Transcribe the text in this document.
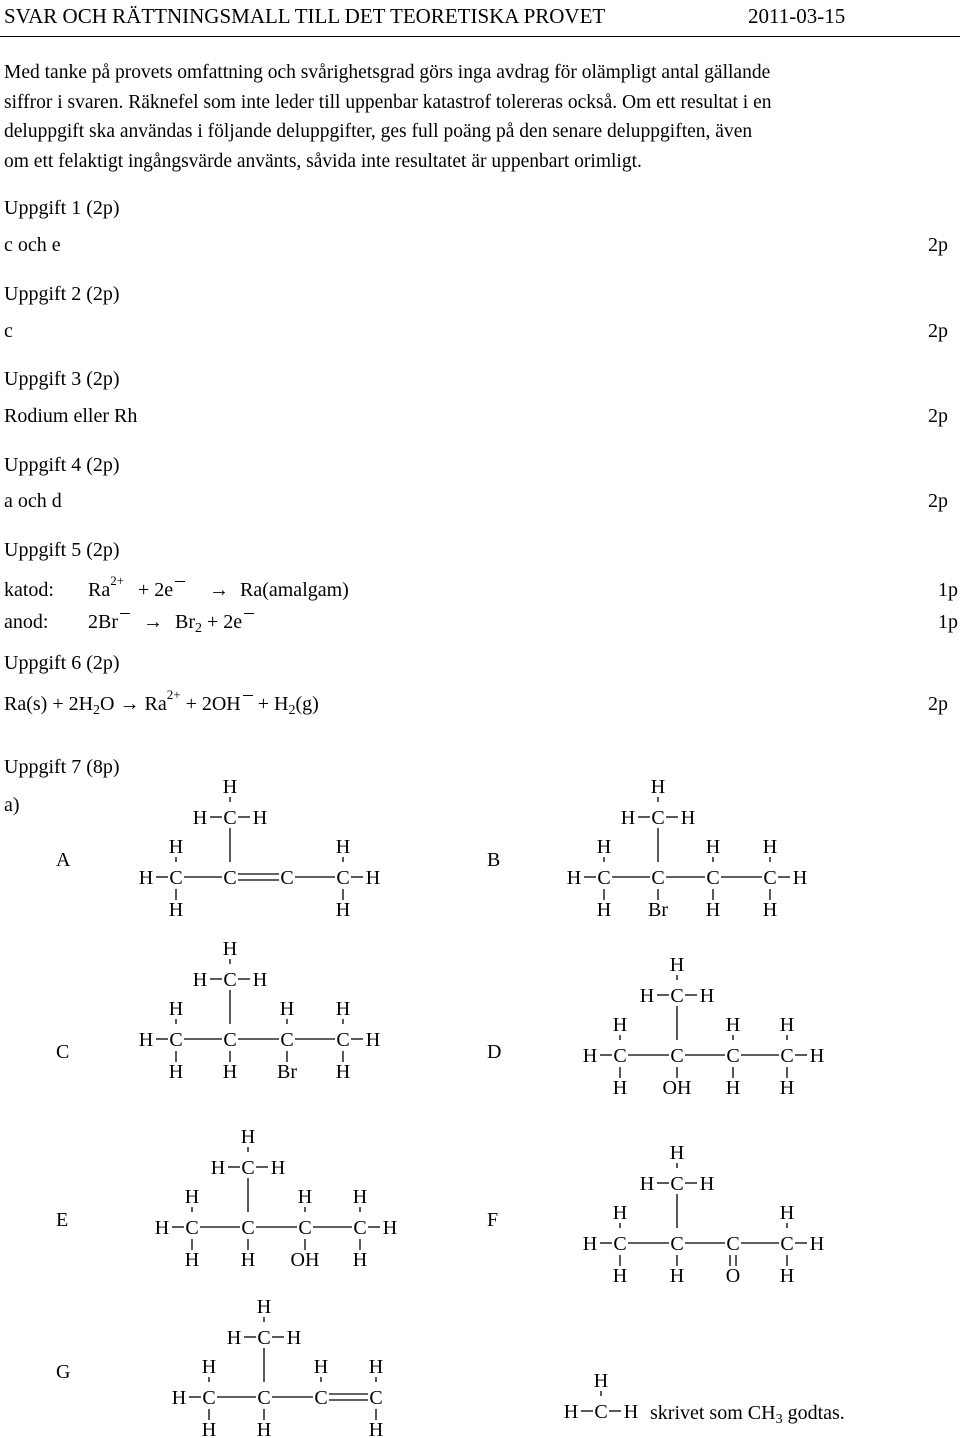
SVAR OCH RÄTTNINGSMALL TILL DET TEORETISKA PROVET	2011-03-15
Med tanke på provets omfattning och svårighetsgrad görs inga avdrag för olämpligt antal gällande
siffror i svaren. Räknefel som inte leder till uppenbar katastrof tolereras också. Om ett resultat i en
deluppgift ska användas i följande deluppgifter, ges full poäng på den senare deluppgiften, även
om ett felaktigt ingångsvärde använts, såvida inte resultatet är uppenbart orimligt.
Uppgift 1 (2p)
c och e	2p
Uppgift 2 (2p)
c	2p
Uppgift 3 (2p)
Rodium eller Rh	2p
Uppgift 4 (2p)
a och d	2p
Uppgift 5 (2p)
katod: $Ra^{2+} + 2e$	→ Ra(amalgam)	1p
anod: 2Br	→ $Br_2 + 2e$	1p
Uppgift 6 (2p)
$Ra(s) + 2H_2O \to Ra^{2+} + 2OH + H_2(g)$	2p
Uppgift 7 (8p)
a)
A	B
C	D
E	F
G
H C C C C H
H
H
C
H H
H
H
H
H C C C C H
H
H
C
H H
H
Br
H
H
H
H
H C C C C H
H
H
C
H H
H
H
H
Br
H
H
H C C C C H
H
H
C
H H
H
OH
H
H
H
H
H C C C C H
H
H
C
H H
H
H
H
OH
H
H
H C C C C H
H
H
C
H H
H
H
H
H
O
H C C C C
H
H
C
H H
H
H
H H
H
C
H H
H
skrivet som $CH_3$ godtas.
